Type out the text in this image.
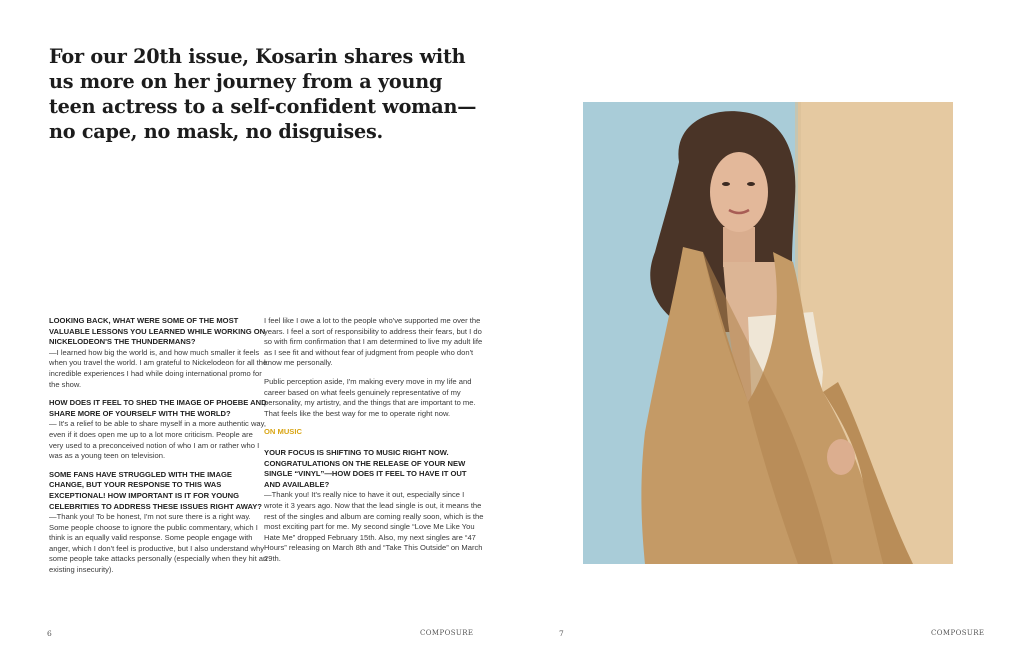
For our 20th issue, Kosarin shares with us more on her journey from a young teen actress to a self-confident woman—no cape, no mask, no disguises.
LOOKING BACK, WHAT WERE SOME OF THE MOST VALUABLE LESSONS YOU LEARNED WHILE WORKING ON NICKELODEON'S THE THUNDERMANS?
—I learned how big the world is, and how much smaller it feels when you travel the world. I am grateful to Nickelodeon for all the incredible experiences I had while doing international promo for the show.
HOW DOES IT FEEL TO SHED THE IMAGE OF PHOEBE AND SHARE MORE OF YOURSELF WITH THE WORLD?
— It's a relief to be able to share myself in a more authentic way, even if it does open me up to a lot more criticism. People are very used to a preconceived notion of who I am or rather who I was as a young teen on television.
SOME FANS HAVE STRUGGLED WITH THE IMAGE CHANGE, BUT YOUR RESPONSE TO THIS WAS EXCEPTIONAL! HOW IMPORTANT IS IT FOR YOUNG CELEBRITIES TO ADDRESS THESE ISSUES RIGHT AWAY?
—Thank you! To be honest, I'm not sure there is a right way. Some people choose to ignore the public commentary, which I think is an equally valid response. Some people engage with anger, which I don't feel is productive, but I also understand why some people take attacks personally (especially when they hit an existing insecurity).
I feel like I owe a lot to the people who've supported me over the years. I feel a sort of responsibility to address their fears, but I do so with firm confirmation that I am determined to live my adult life as I see fit and without fear of judgment from people who don't know me personally.
Public perception aside, I'm making every move in my life and career based on what feels genuinely representative of my personality, my artistry, and the things that are important to me. That feels like the best way for me to operate right now.
ON MUSIC
YOUR FOCUS IS SHIFTING TO MUSIC RIGHT NOW. CONGRATULATIONS ON THE RELEASE OF YOUR NEW SINGLE “VINYL”—HOW DOES IT FEEL TO HAVE IT OUT AND AVAILABLE?
—Thank you! It's really nice to have it out, especially since I wrote it 3 years ago. Now that the lead single is out, it means the rest of the singles and album are coming really soon, which is the most exciting part for me. My second single “Love Me Like You Hate Me” dropped February 15th. Also, my next singles are “47 Hours” releasing on March 8th and “Take This Outside” on March 29th.
6	COMPOSURE	7	COMPOSURE
